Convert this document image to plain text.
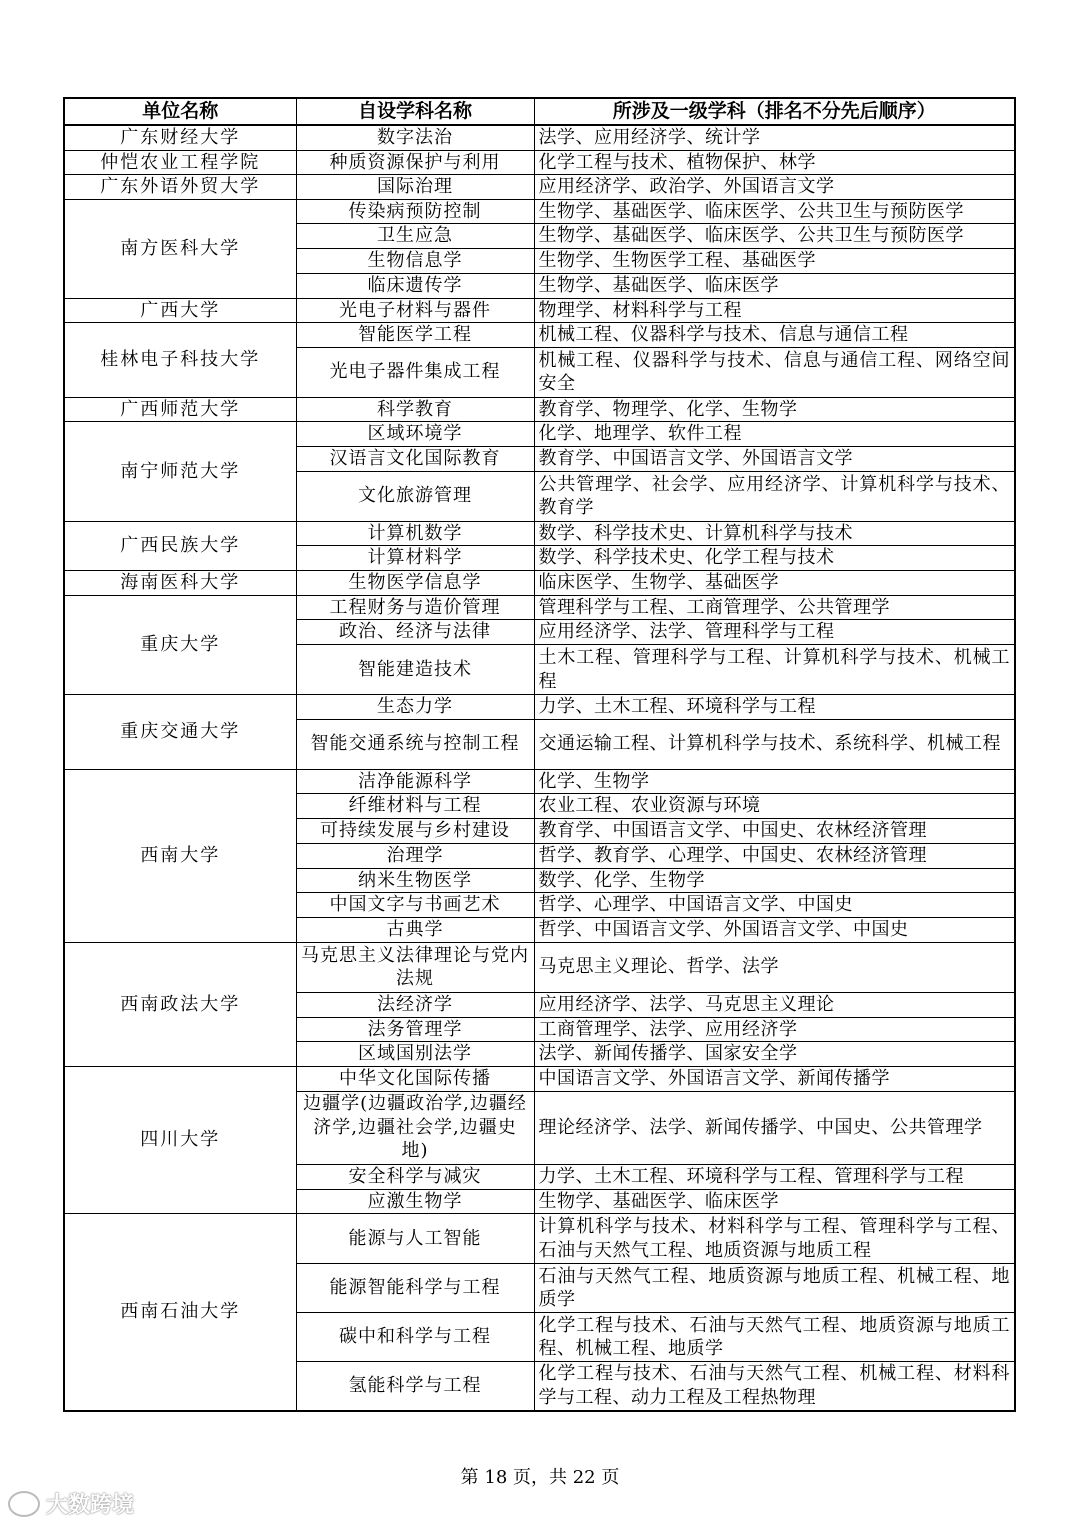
单位名称	自设学科名称	所涉及一级学科（排名不分先后顺序）
广东财经大学	数字法治	法学、应用经济学、统计学
仲恺农业工程学院	种质资源保护与利用	化学工程与技术、植物保护、林学
广东外语外贸大学	国际治理	应用经济学、政治学、外国语言文学
南方医科大学	传染病预防控制	生物学、基础医学、临床医学、公共卫生与预防医学
	卫生应急	生物学、基础医学、临床医学、公共卫生与预防医学
	生物信息学	生物学、生物医学工程、基础医学
	临床遗传学	生物学、基础医学、临床医学
广西大学	光电子材料与器件	物理学、材料科学与工程
桂林电子科技大学	智能医学工程	机械工程、仪器科学与技术、信息与通信工程
	光电子器件集成工程	机械工程、仪器科学与技术、信息与通信工程、网络空间安全
广西师范大学	科学教育	教育学、物理学、化学、生物学
南宁师范大学	区域环境学	化学、地理学、软件工程
	汉语言文化国际教育	教育学、中国语言文学、外国语言文学
	文化旅游管理	公共管理学、社会学、应用经济学、计算机科学与技术、教育学
广西民族大学	计算机数学	数学、科学技术史、计算机科学与技术
	计算材料学	数学、科学技术史、化学工程与技术
海南医科大学	生物医学信息学	临床医学、生物学、基础医学
重庆大学	工程财务与造价管理	管理科学与工程、工商管理学、公共管理学
	政治、经济与法律	应用经济学、法学、管理科学与工程
	智能建造技术	土木工程、管理科学与工程、计算机科学与技术、机械工程
重庆交通大学	生态力学	力学、土木工程、环境科学与工程
	智能交通系统与控制工程	交通运输工程、计算机科学与技术、系统科学、机械工程
西南大学	洁净能源科学	化学、生物学
	纤维材料与工程	农业工程、农业资源与环境
	可持续发展与乡村建设	教育学、中国语言文学、中国史、农林经济管理
	治理学	哲学、教育学、心理学、中国史、农林经济管理
	纳米生物医学	数学、化学、生物学
	中国文字与书画艺术	哲学、心理学、中国语言文学、中国史
	古典学	哲学、中国语言文学、外国语言文学、中国史
西南政法大学	马克思主义法律理论与党内法规	马克思主义理论、哲学、法学
	法经济学	应用经济学、法学、马克思主义理论
	法务管理学	工商管理学、法学、应用经济学
	区域国别法学	法学、新闻传播学、国家安全学
四川大学	中华文化国际传播	中国语言文学、外国语言文学、新闻传播学
	边疆学(边疆政治学,边疆经济学,边疆社会学,边疆史地)	理论经济学、法学、新闻传播学、中国史、公共管理学
	安全科学与减灾	力学、土木工程、环境科学与工程、管理科学与工程
	应激生物学	生物学、基础医学、临床医学
西南石油大学	能源与人工智能	计算机科学与技术、材料科学与工程、管理科学与工程、石油与天然气工程、地质资源与地质工程
	能源智能科学与工程	石油与天然气工程、地质资源与地质工程、机械工程、地质学
	碳中和科学与工程	化学工程与技术、石油与天然气工程、地质资源与地质工程、机械工程、地质学
	氢能科学与工程	化学工程与技术、石油与天然气工程、机械工程、材料科学与工程、动力工程及工程热物理
第 18 页，共 22 页
大数跨境
